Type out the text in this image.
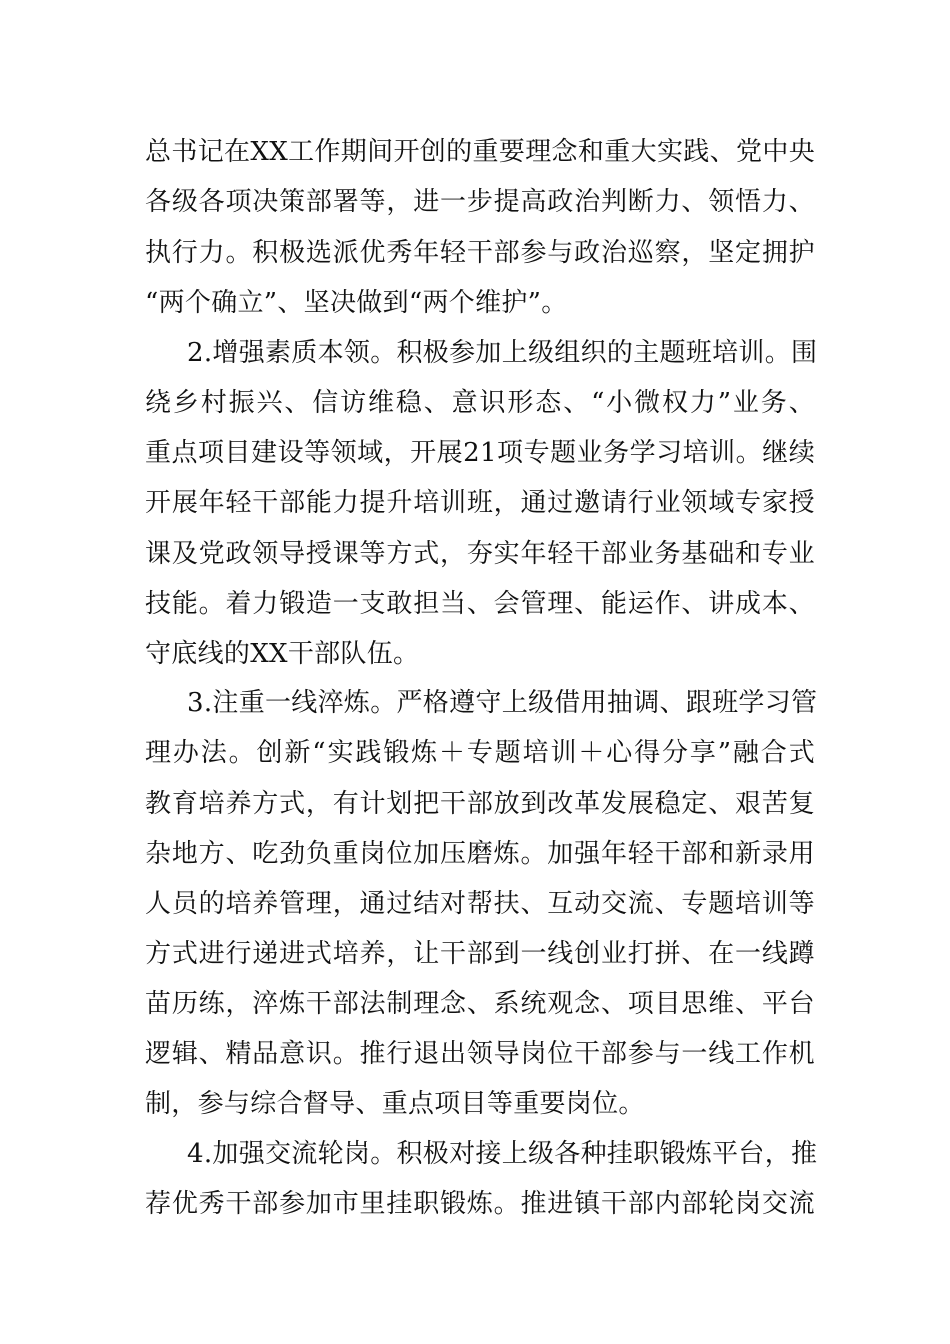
总书记在XX工作期间开创的重要理念和重大实践、党中央
各级各项决策部署等，进一步提高政治判断力、领悟力、
执行力。积极选派优秀年轻干部参与政治巡察，坚定拥护
“两个确立”、坚决做到“两个维护”。
2.增强素质本领。积极参加上级组织的主题班培训。围
绕乡村振兴、信访维稳、意识形态、“小微权力”业务、
重点项目建设等领域，开展21项专题业务学习培训。继续
开展年轻干部能力提升培训班，通过邀请行业领域专家授
课及党政领导授课等方式，夯实年轻干部业务基础和专业
技能。着力锻造一支敢担当、会管理、能运作、讲成本、
守底线的XX干部队伍。
3.注重一线淬炼。严格遵守上级借用抽调、跟班学习管
理办法。创新“实践锻炼＋专题培训＋心得分享”融合式
教育培养方式，有计划把干部放到改革发展稳定、艰苦复
杂地方、吃劲负重岗位加压磨炼。加强年轻干部和新录用
人员的培养管理，通过结对帮扶、互动交流、专题培训等
方式进行递进式培养，让干部到一线创业打拼、在一线蹲
苗历练，淬炼干部法制理念、系统观念、项目思维、平台
逻辑、精品意识。推行退出领导岗位干部参与一线工作机
制，参与综合督导、重点项目等重要岗位。
4.加强交流轮岗。积极对接上级各种挂职锻炼平台，推
荐优秀干部参加市里挂职锻炼。推进镇干部内部轮岗交流
